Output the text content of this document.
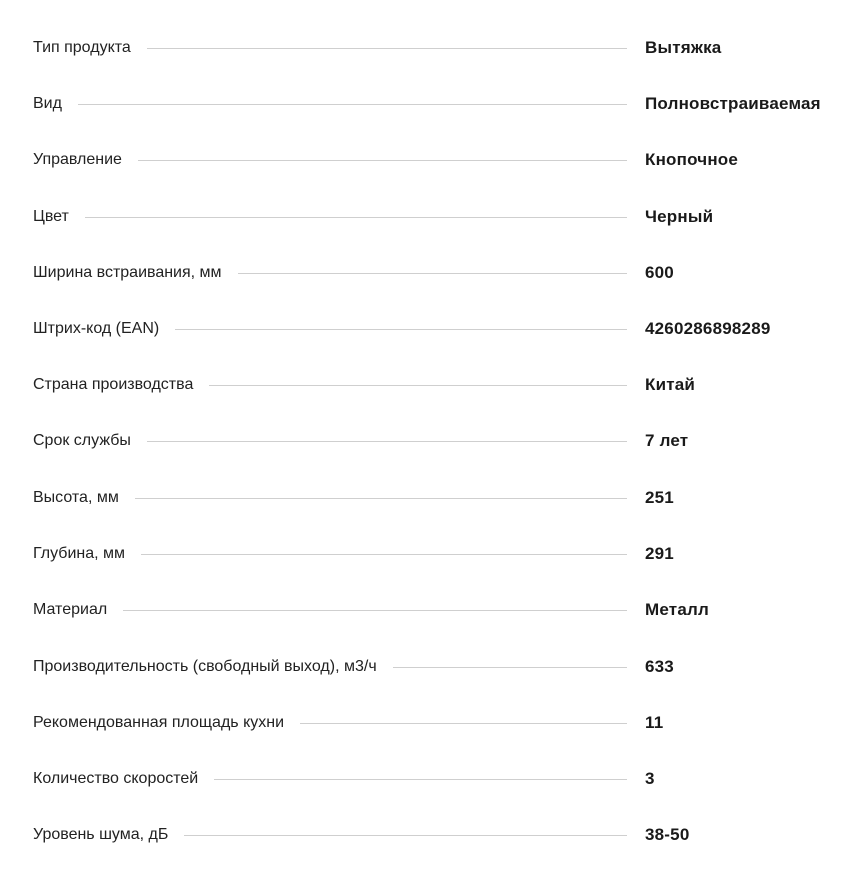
Тип продукта	Вытяжка
Вид	Полновстраиваемая
Управление	Кнопочное
Цвет	Черный
Ширина встраивания, мм	600
Штрих-код (EAN)	4260286898289
Страна производства	Китай
Срок службы	7 лет
Высота, мм	251
Глубина, мм	291
Материал	Металл
Производительность (свободный выход), м3/ч	633
Рекомендованная площадь кухни	11
Количество скоростей	3
Уровень шума, дБ	38-50
